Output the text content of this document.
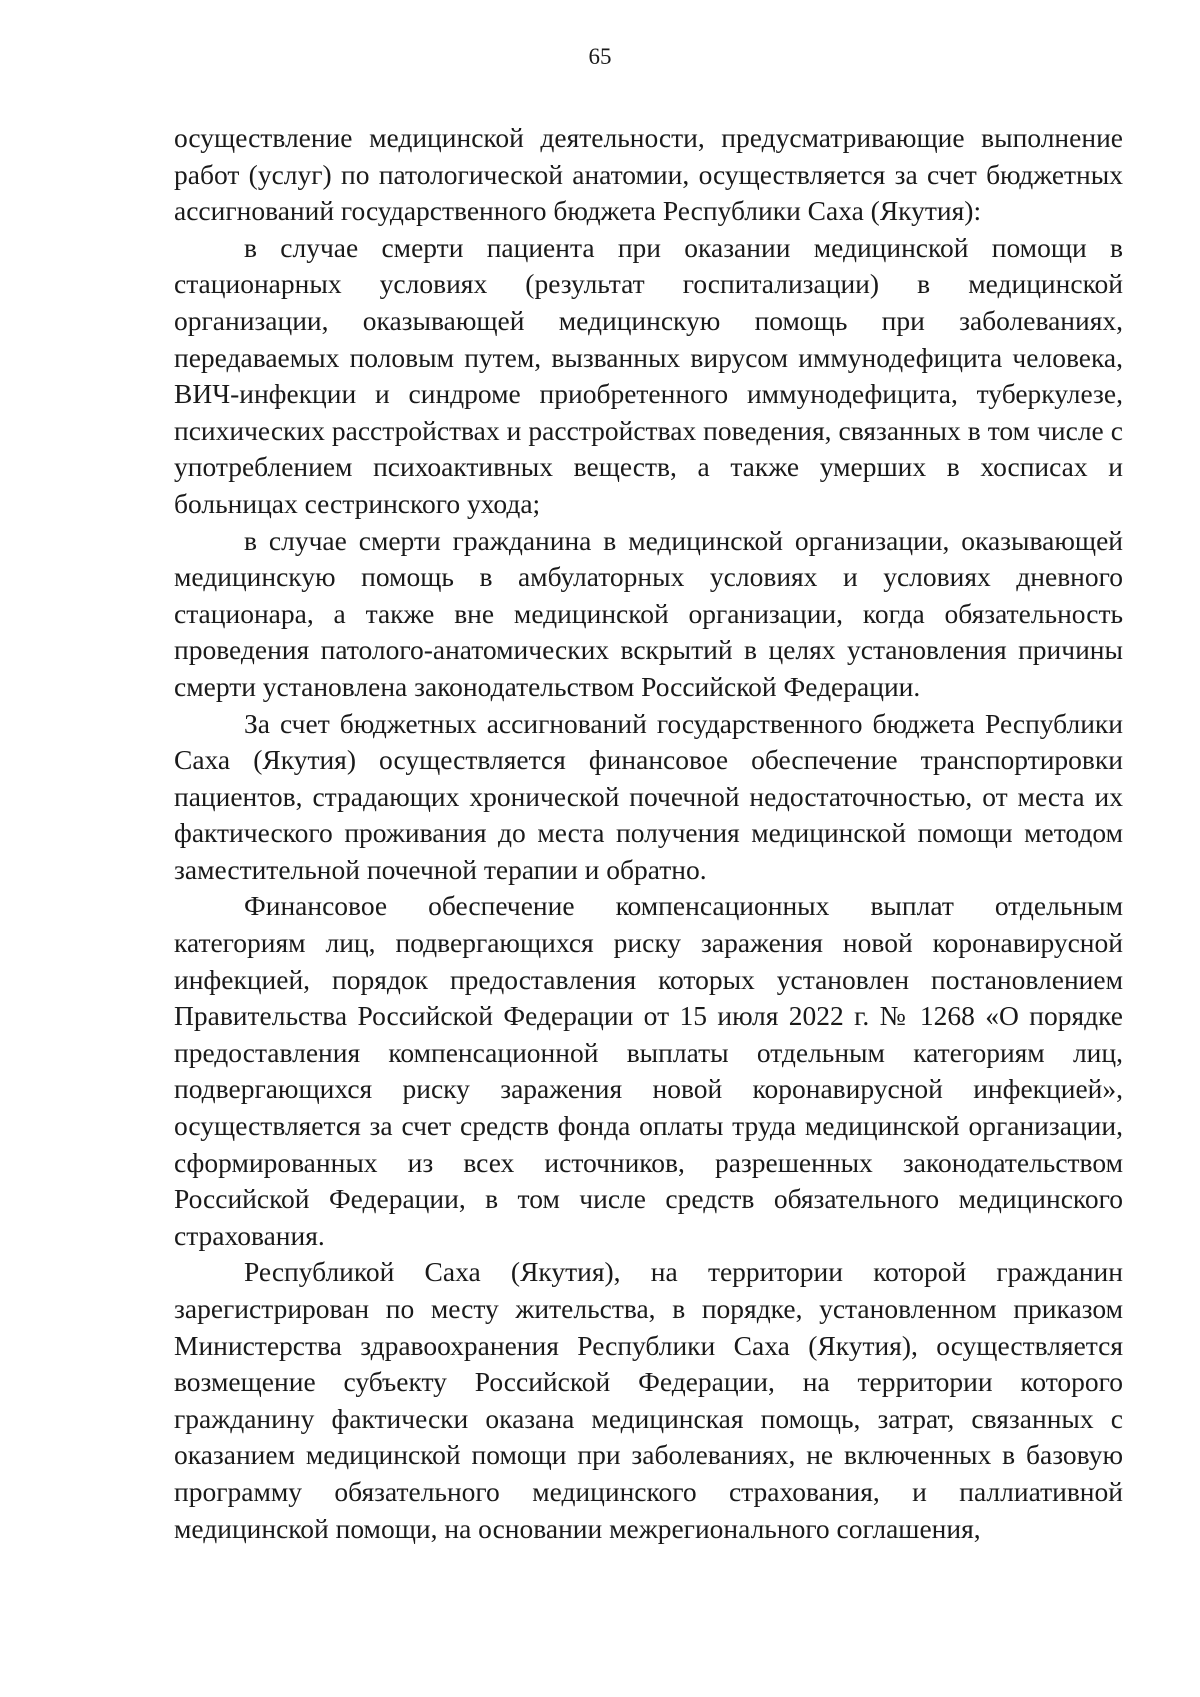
65

осуществление медицинской деятельности, предусматривающие выполнение работ (услуг) по патологической анатомии, осуществляется за счет бюджетных ассигнований государственного бюджета Республики Саха (Якутия):

в случае смерти пациента при оказании медицинской помощи в стационарных условиях (результат госпитализации) в медицинской организации, оказывающей медицинскую помощь при заболеваниях, передаваемых половым путем, вызванных вирусом иммунодефицита человека, ВИЧ-инфекции и синдроме приобретенного иммунодефицита, туберкулезе, психических расстройствах и расстройствах поведения, связанных в том числе с употреблением психоактивных веществ, а также умерших в хосписах и больницах сестринского ухода;

в случае смерти гражданина в медицинской организации, оказывающей медицинскую помощь в амбулаторных условиях и условиях дневного стационара, а также вне медицинской организации, когда обязательность проведения патолого-анатомических вскрытий в целях установления причины смерти установлена законодательством Российской Федерации.

За счет бюджетных ассигнований государственного бюджета Республики Саха (Якутия) осуществляется финансовое обеспечение транспортировки пациентов, страдающих хронической почечной недостаточностью, от места их фактического проживания до места получения медицинской помощи методом заместительной почечной терапии и обратно.

Финансовое обеспечение компенсационных выплат отдельным категориям лиц, подвергающихся риску заражения новой коронавирусной инфекцией, порядок предоставления которых установлен постановлением Правительства Российской Федерации от 15 июля 2022 г. № 1268 «О порядке предоставления компенсационной выплаты отдельным категориям лиц, подвергающихся риску заражения новой коронавирусной инфекцией», осуществляется за счет средств фонда оплаты труда медицинской организации, сформированных из всех источников, разрешенных законодательством Российской Федерации, в том числе средств обязательного медицинского страхования.

Республикой Саха (Якутия), на территории которой гражданин зарегистрирован по месту жительства, в порядке, установленном приказом Министерства здравоохранения Республики Саха (Якутия), осуществляется возмещение субъекту Российской Федерации, на территории которого гражданину фактически оказана медицинская помощь, затрат, связанных с оказанием медицинской помощи при заболеваниях, не включенных в базовую программу обязательного медицинского страхования, и паллиативной медицинской помощи, на основании межрегионального соглашения,
